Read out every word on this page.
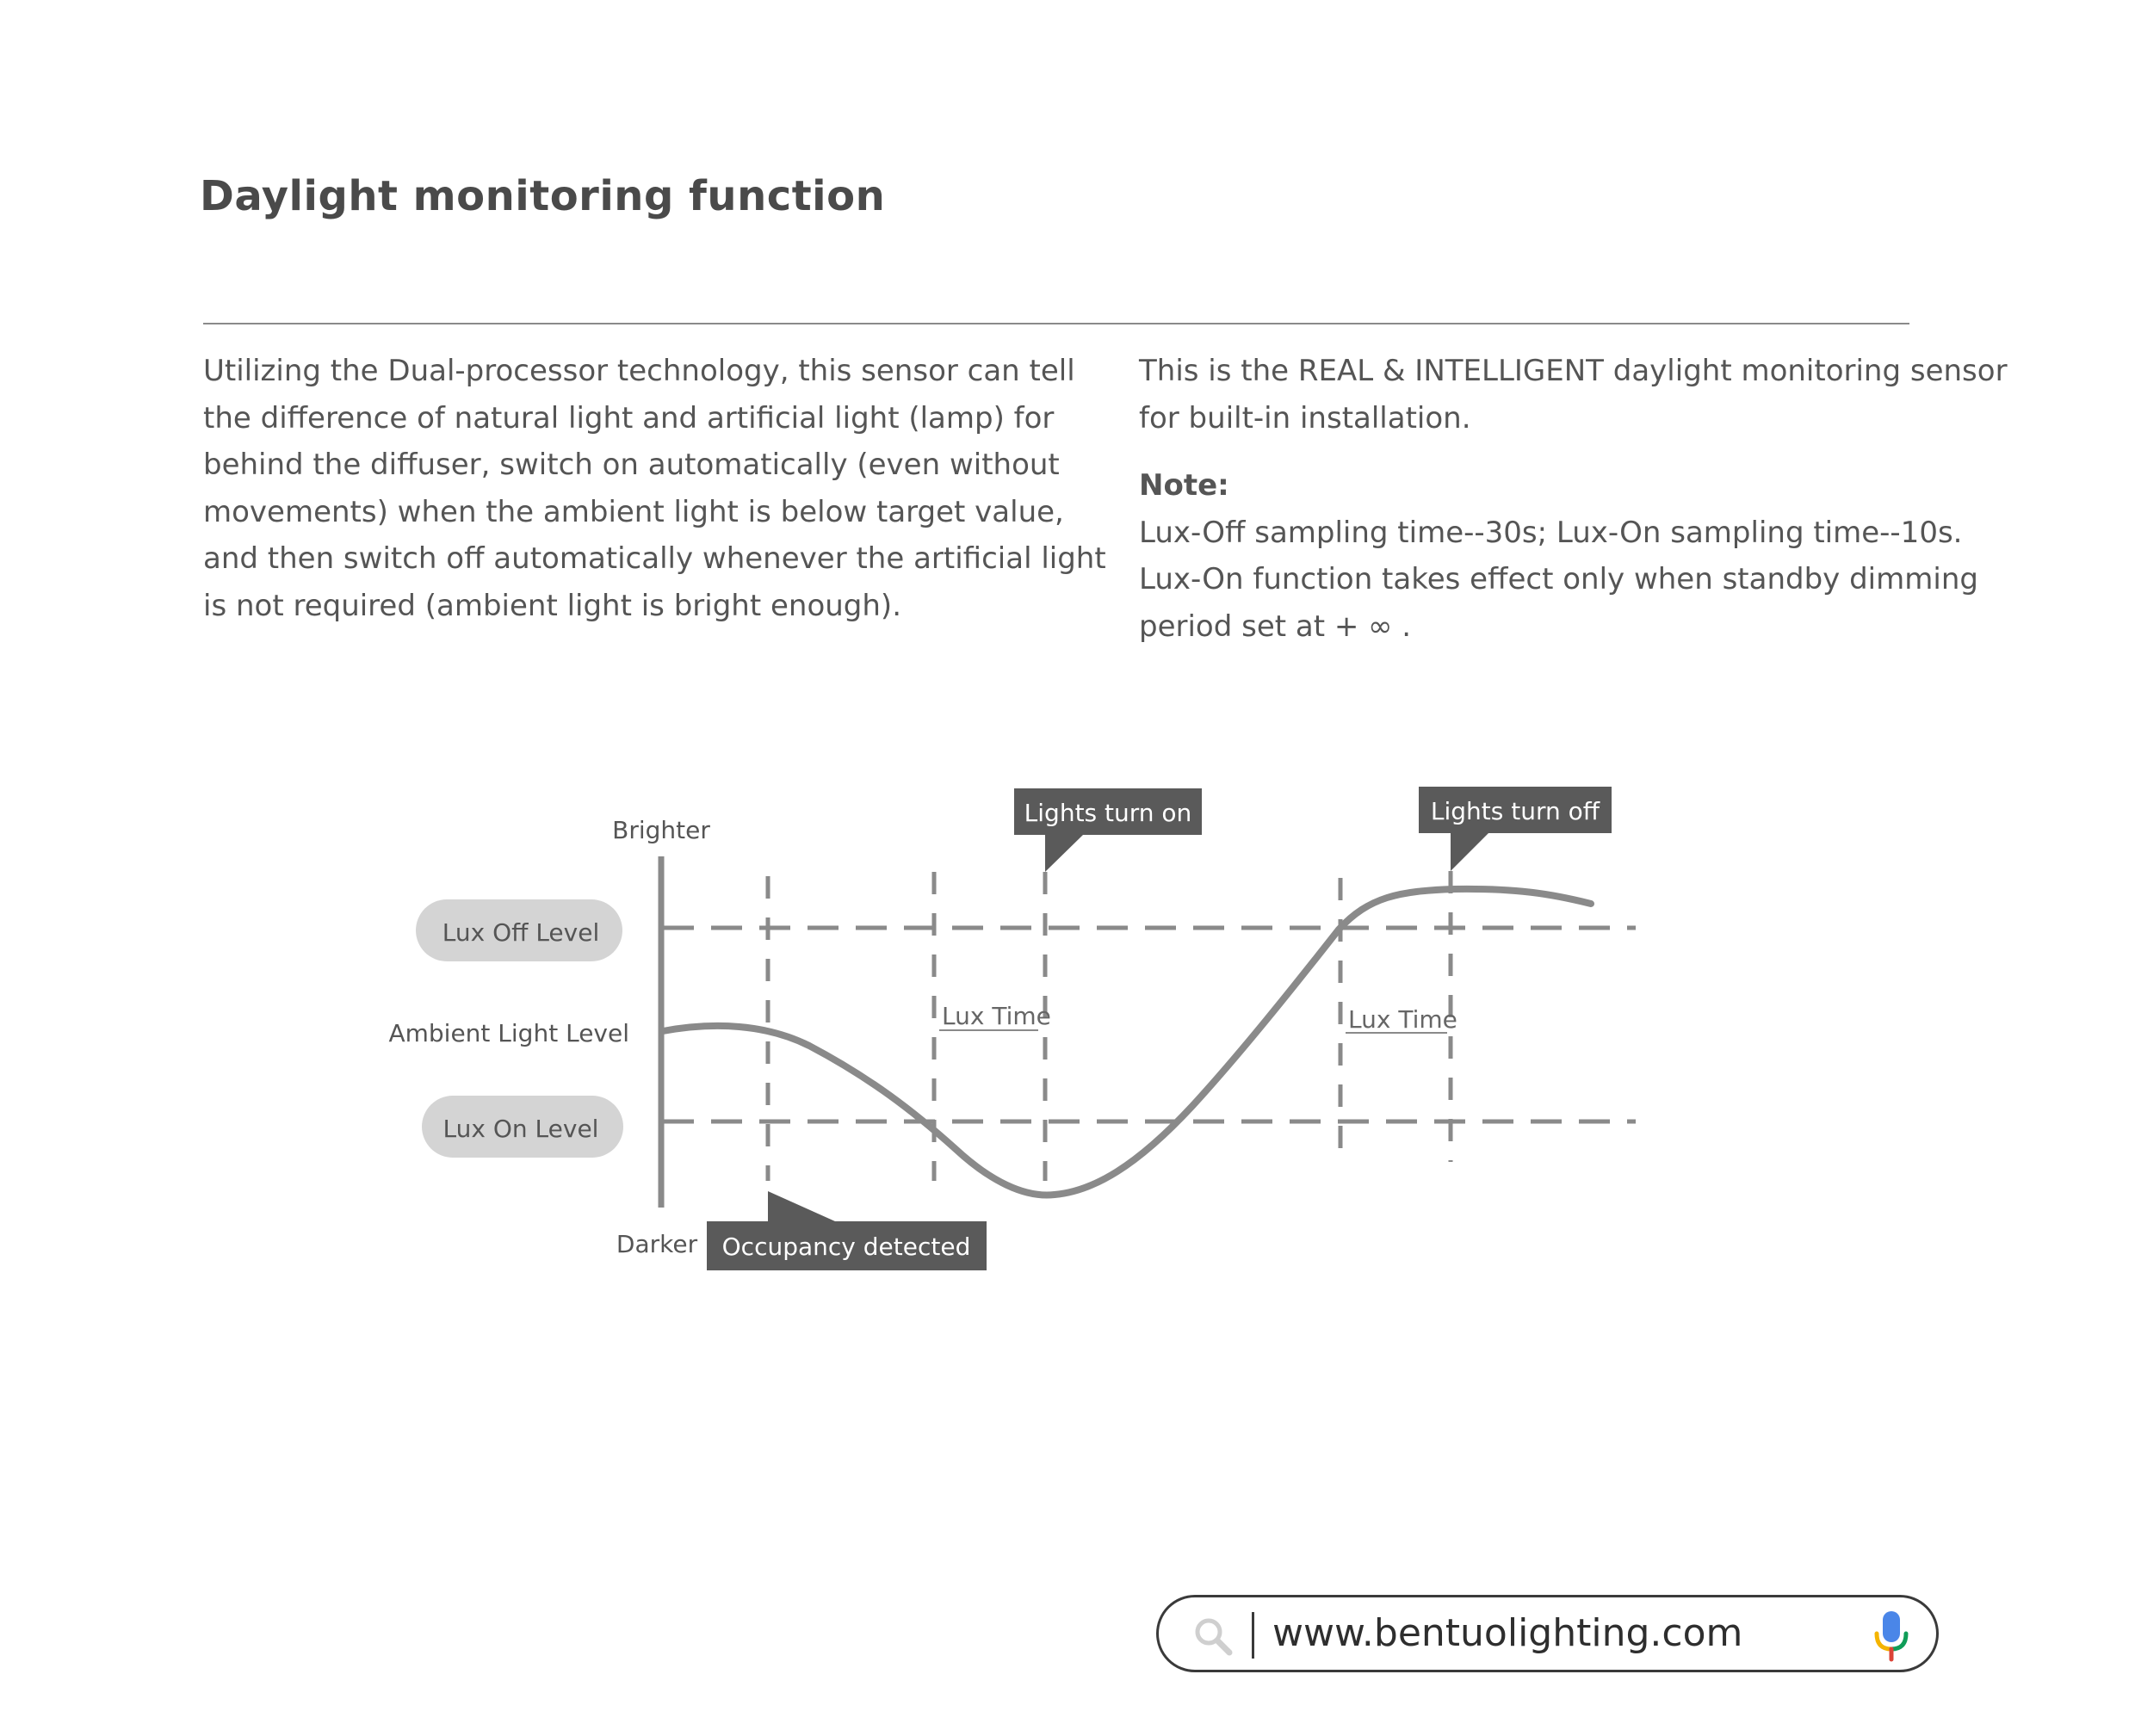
Daylight monitoring function

Utilizing the Dual-processor technology, this sensor can tell the difference of natural light and artificial light (lamp) for behind the diffuser, switch on automatically (even without movements) when the ambient light is below target value, and then switch off automatically whenever the artificial light is not required (ambient light is bright enough).

This is the REAL & INTELLIGENT daylight monitoring sensor for built-in installation.

Note:

Lux-Off sampling time--30s; Lux-On sampling time--10s.

Lux-On function takes effect only when standby dimming period set at + ∞ .

Lux Time	Lux Time
Brighter
Darker
Ambient Light Level
Lux Off Level
Lux On Level
Lights turn on	Lights turn off
Occupancy detected
www.bentuolighting.com
